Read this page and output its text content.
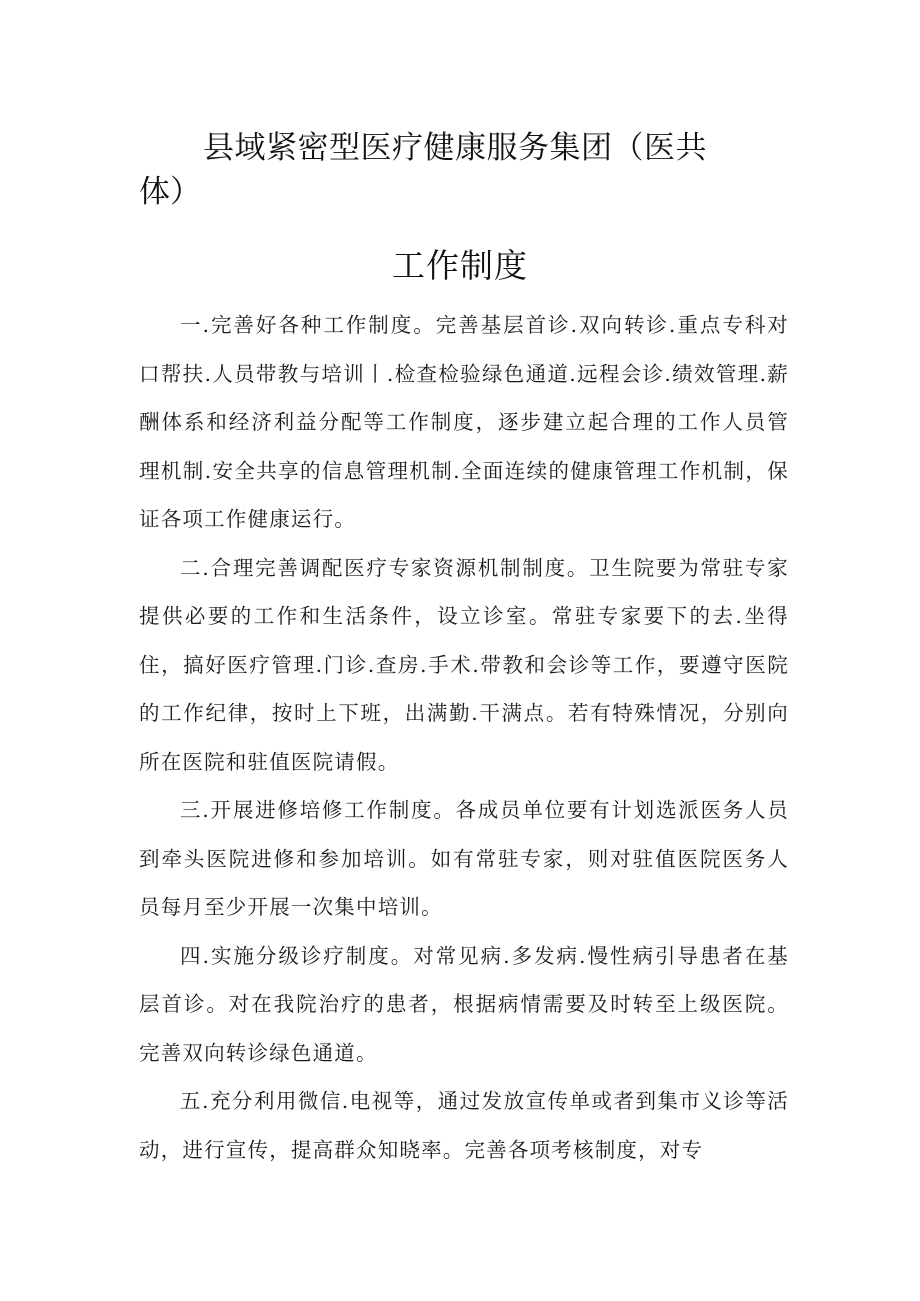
县域紧密型医疗健康服务集团（医共
体）
工作制度

一.完善好各种工作制度。完善基层首诊.双向转诊.重点专科对口帮扶.人员带教与培训丨.检查检验绿色通道.远程会诊.绩效管理.薪酬体系和经济利益分配等工作制度，逐步建立起合理的工作人员管理机制.安全共享的信息管理机制.全面连续的健康管理工作机制，保证各项工作健康运行。

二.合理完善调配医疗专家资源机制制度。卫生院要为常驻专家提供必要的工作和生活条件，设立诊室。常驻专家要下的去.坐得住，搞好医疗管理.门诊.查房.手术.带教和会诊等工作，要遵守医院的工作纪律，按时上下班，出满勤.干满点。若有特殊情况，分别向所在医院和驻值医院请假。

三.开展进修培修工作制度。各成员单位要有计划选派医务人员到牵头医院进修和参加培训。如有常驻专家，则对驻值医院医务人员每月至少开展一次集中培训。

四.实施分级诊疗制度。对常见病.多发病.慢性病引导患者在基层首诊。对在我院治疗的患者，根据病情需要及时转至上级医院。完善双向转诊绿色通道。

五.充分利用微信.电视等，通过发放宣传单或者到集市义诊等活动，进行宣传，提高群众知晓率。完善各项考核制度，对专
